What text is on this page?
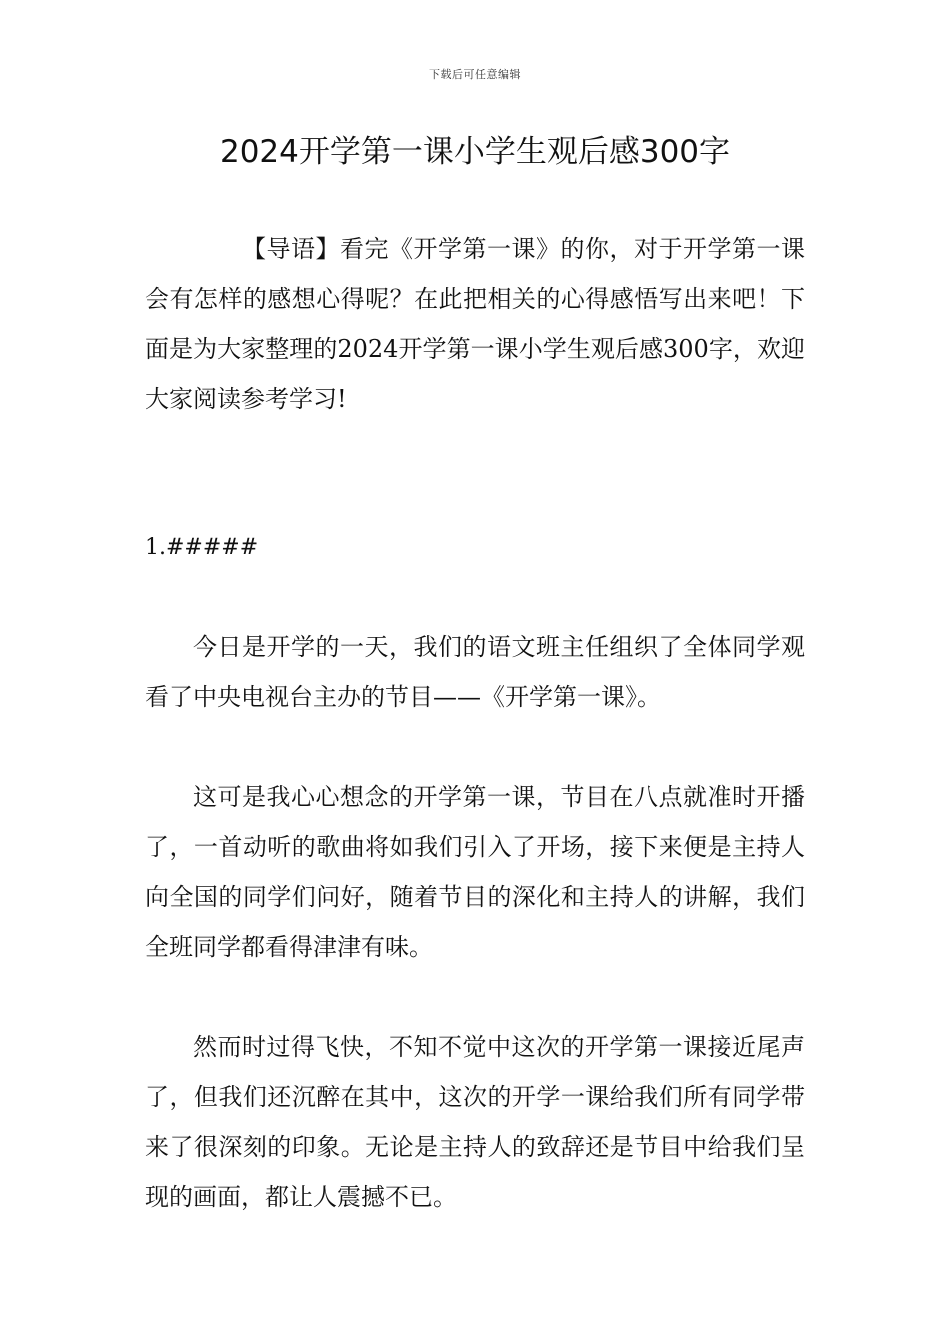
下载后可任意编辑
2024开学第一课小学生观后感300字
【导语】看完《开学第一课》的你，对于开学第一课会有怎样的感想心得呢？在此把相关的心得感悟写出来吧！下面是为大家整理的2024开学第一课小学生观后感300字，欢迎大家阅读参考学习!
1.#####
今日是开学的一天，我们的语文班主任组织了全体同学观看了中央电视台主办的节目——《开学第一课》。
这可是我心心想念的开学第一课，节目在八点就准时开播了，一首动听的歌曲将如我们引入了开场，接下来便是主持人向全国的同学们问好，随着节目的深化和主持人的讲解，我们全班同学都看得津津有味。
然而时过得飞快，不知不觉中这次的开学第一课接近尾声了，但我们还沉醉在其中，这次的开学一课给我们所有同学带来了很深刻的印象。无论是主持人的致辞还是节目中给我们呈现的画面，都让人震撼不已。
